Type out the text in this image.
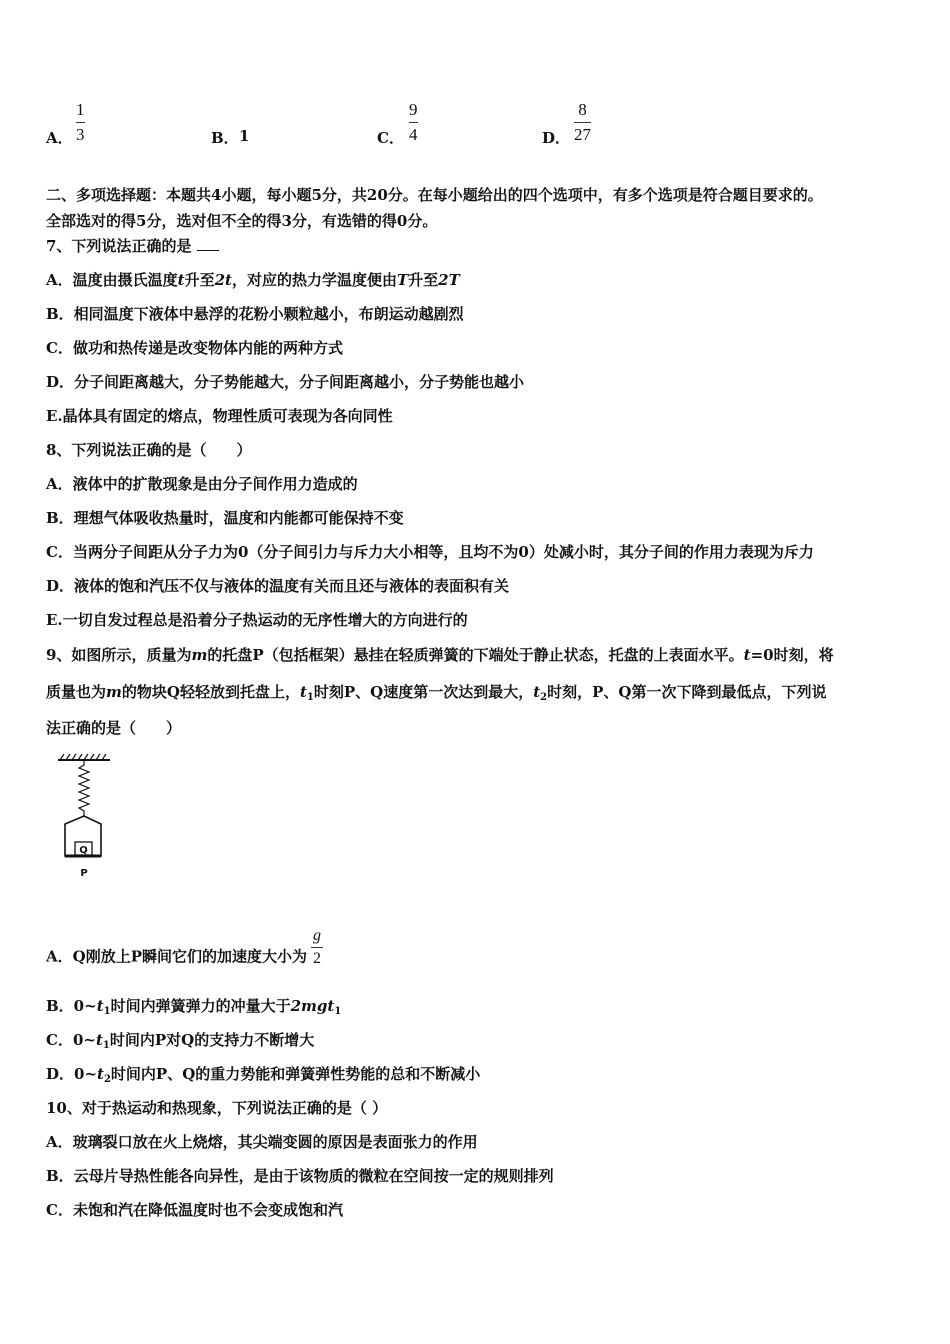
A．
1
3	B． 1	C．
9
4	D．
8
27
二、多项选择题：本题共4小题，每小题5分，共20分。在每小题给出的四个选项中，有多个选项是符合题目要求的。
全部选对的得5分，选对但不全的得3分，有选错的得0分。
7、下列说法正确的是
A．温度由摄氏温度t升至2t，对应的热力学温度便由T升至2T
B．相同温度下液体中悬浮的花粉小颗粒越小，布朗运动越剧烈
C．做功和热传递是改变物体内能的两种方式
D．分子间距离越大，分子势能越大，分子间距离越小，分子势能也越小
E.晶体具有固定的熔点，物理性质可表现为各向同性
8、下列说法正确的是（　　）
A．液体中的扩散现象是由分子间作用力造成的
B．理想气体吸收热量时，温度和内能都可能保持不变
C．当两分子间距从分子力为0（分子间引力与斥力大小相等，且均不为0）处减小时，其分子间的作用力表现为斥力
D．液体的饱和汽压不仅与液体的温度有关而且还与液体的表面积有关
E.一切自发过程总是沿着分子热运动的无序性增大的方向进行的
9、如图所示，质量为m的托盘P（包括框架）悬挂在轻质弹簧的下端处于静止状态，托盘的上表面水平。t=0时刻，将
质量也为m的物块Q轻轻放到托盘上，$t_1$时刻P、Q速度第一次达到最大，$t_2$时刻，P、Q第一次下降到最低点，下列说
法正确的是（　　）
Q
P
A．Q刚放上P瞬间它们的加速度大小为 $\frac{g}{2}$
B．$0\sim t_1$时间内弹簧弹力的冲量大于2mgt$_1$
C．$0\sim t_1$时间内P对Q的支持力不断增大
D．$0\sim t_2$时间内P、Q的重力势能和弹簧弹性势能的总和不断减小
10、对于热运动和热现象，下列说法正确的是（ ）
A．玻璃裂口放在火上烧熔，其尖端变圆的原因是表面张力的作用
B．云母片导热性能各向异性，是由于该物质的微粒在空间按一定的规则排列
C．未饱和汽在降低温度时也不会变成饱和汽
